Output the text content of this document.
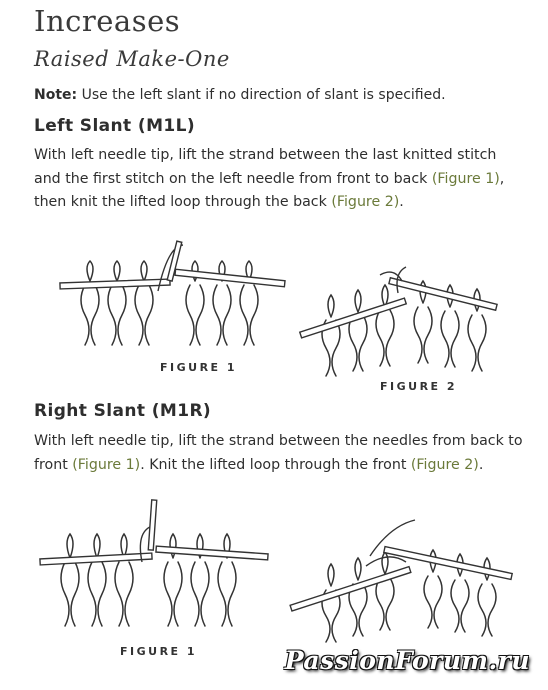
Increases
Raised Make-One
Note: Use the left slant if no direction of slant is specified.
Left Slant (M1L)
With left needle tip, lift the strand between the last knitted stitch and the first stitch on the left needle from front to back (Figure 1), then knit the lifted loop through the back (Figure 2).
FIGURE 1
FIGURE 2
Right Slant (M1R)
With left needle tip, lift the strand between the needles from back to front (Figure 1). Knit the lifted loop through the front (Figure 2).
FIGURE 1	PassionForum.ru
